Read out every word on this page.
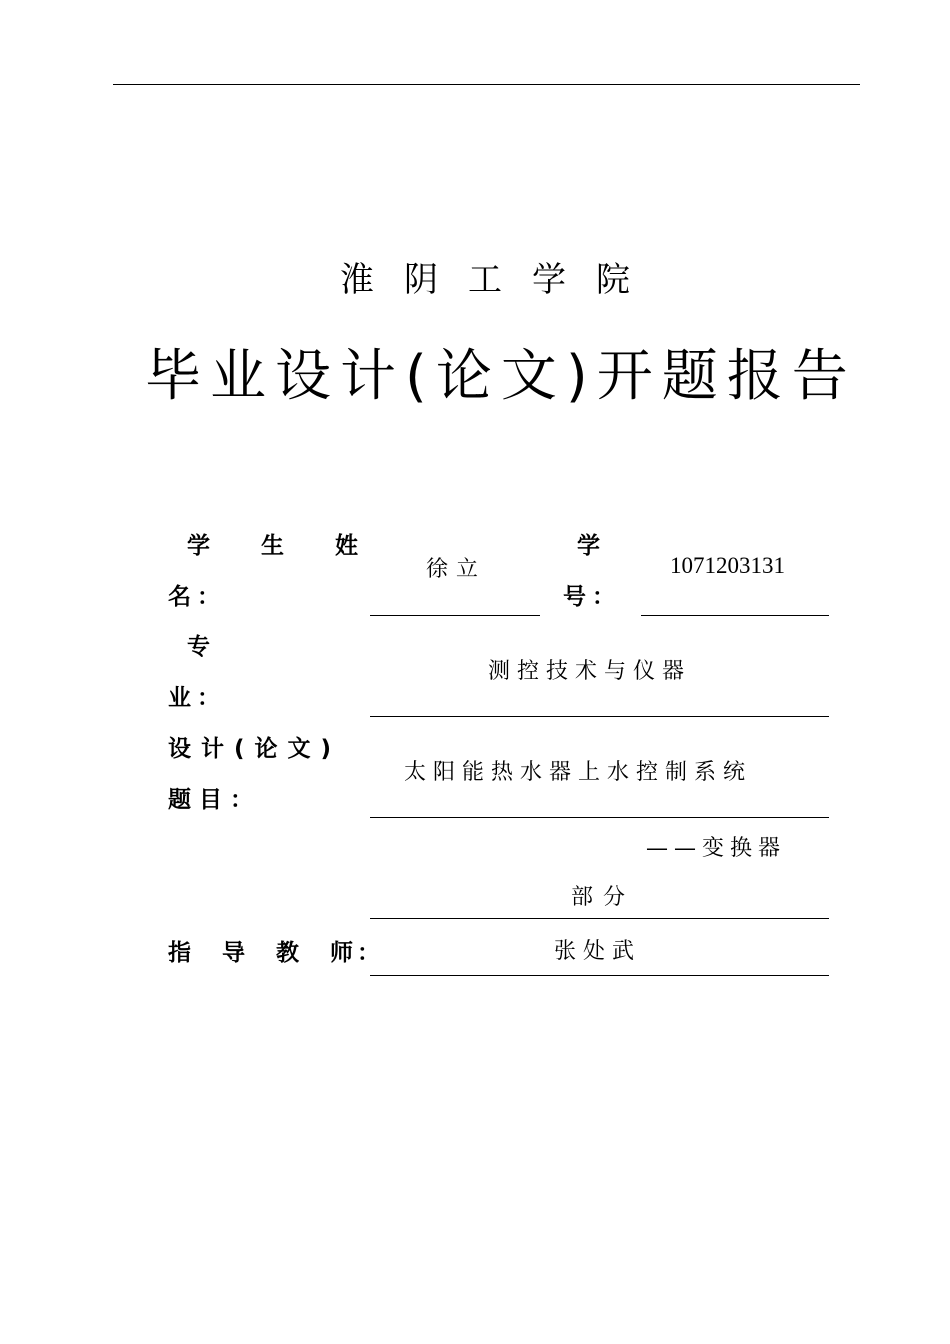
淮阴工学院
毕业设计(论文)开题报告
学　生　姓
名：
徐立
学
号：
1071203131
专
业：
测控技术与仪器
设计(论文)
题目：
太阳能热水器上水控制系统
——变换器
部分
指　导　教　师：	张处武
